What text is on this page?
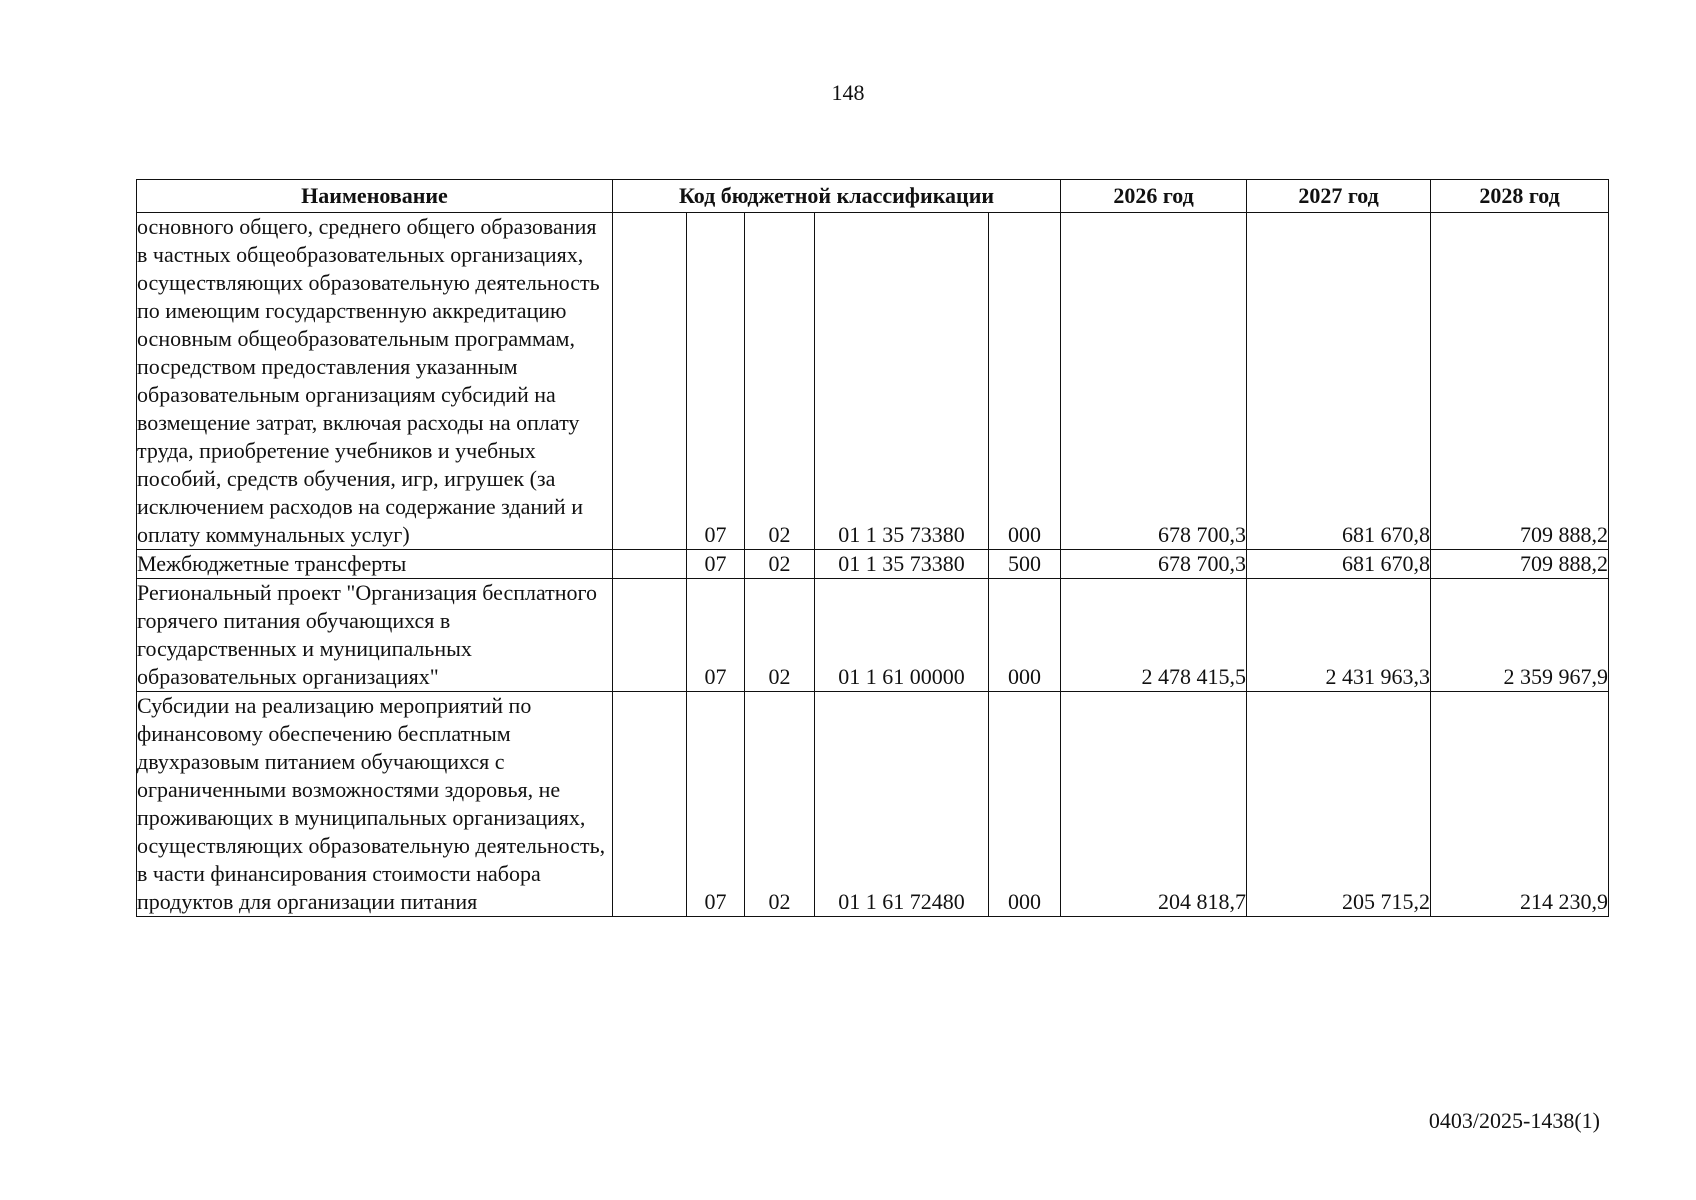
148
Наименование	Код бюджетной классификации					2026 год	2027 год	2028 год
основного общего, среднего общего образования в частных общеобразовательных организациях, осуществляющих образовательную деятельность по имеющим государственную аккредитацию основным общеобразовательным программам, посредством предоставления указанным образовательным организациям субсидий на возмещение затрат, включая расходы на оплату труда, приобретение учебников и учебных пособий, средств обучения, игр, игрушек (за исключением расходов на содержание зданий и оплату коммунальных услуг)		07	02	01 1 35 73380	000	678 700,3	681 670,8	709 888,2
Межбюджетные трансферты		07	02	01 1 35 73380	500	678 700,3	681 670,8	709 888,2
Региональный проект "Организация бесплатного горячего питания обучающихся в государственных и муниципальных образовательных организациях"		07	02	01 1 61 00000	000	2 478 415,5	2 431 963,3	2 359 967,9
Субсидии на реализацию мероприятий по финансовому обеспечению бесплатным двухразовым питанием обучающихся с ограниченными возможностями здоровья, не проживающих в муниципальных организациях, осуществляющих образовательную деятельность, в части финансирования стоимости набора продуктов для организации питания		07	02	01 1 61 72480	000	204 818,7	205 715,2	214 230,9
0403/2025-1438(1)
